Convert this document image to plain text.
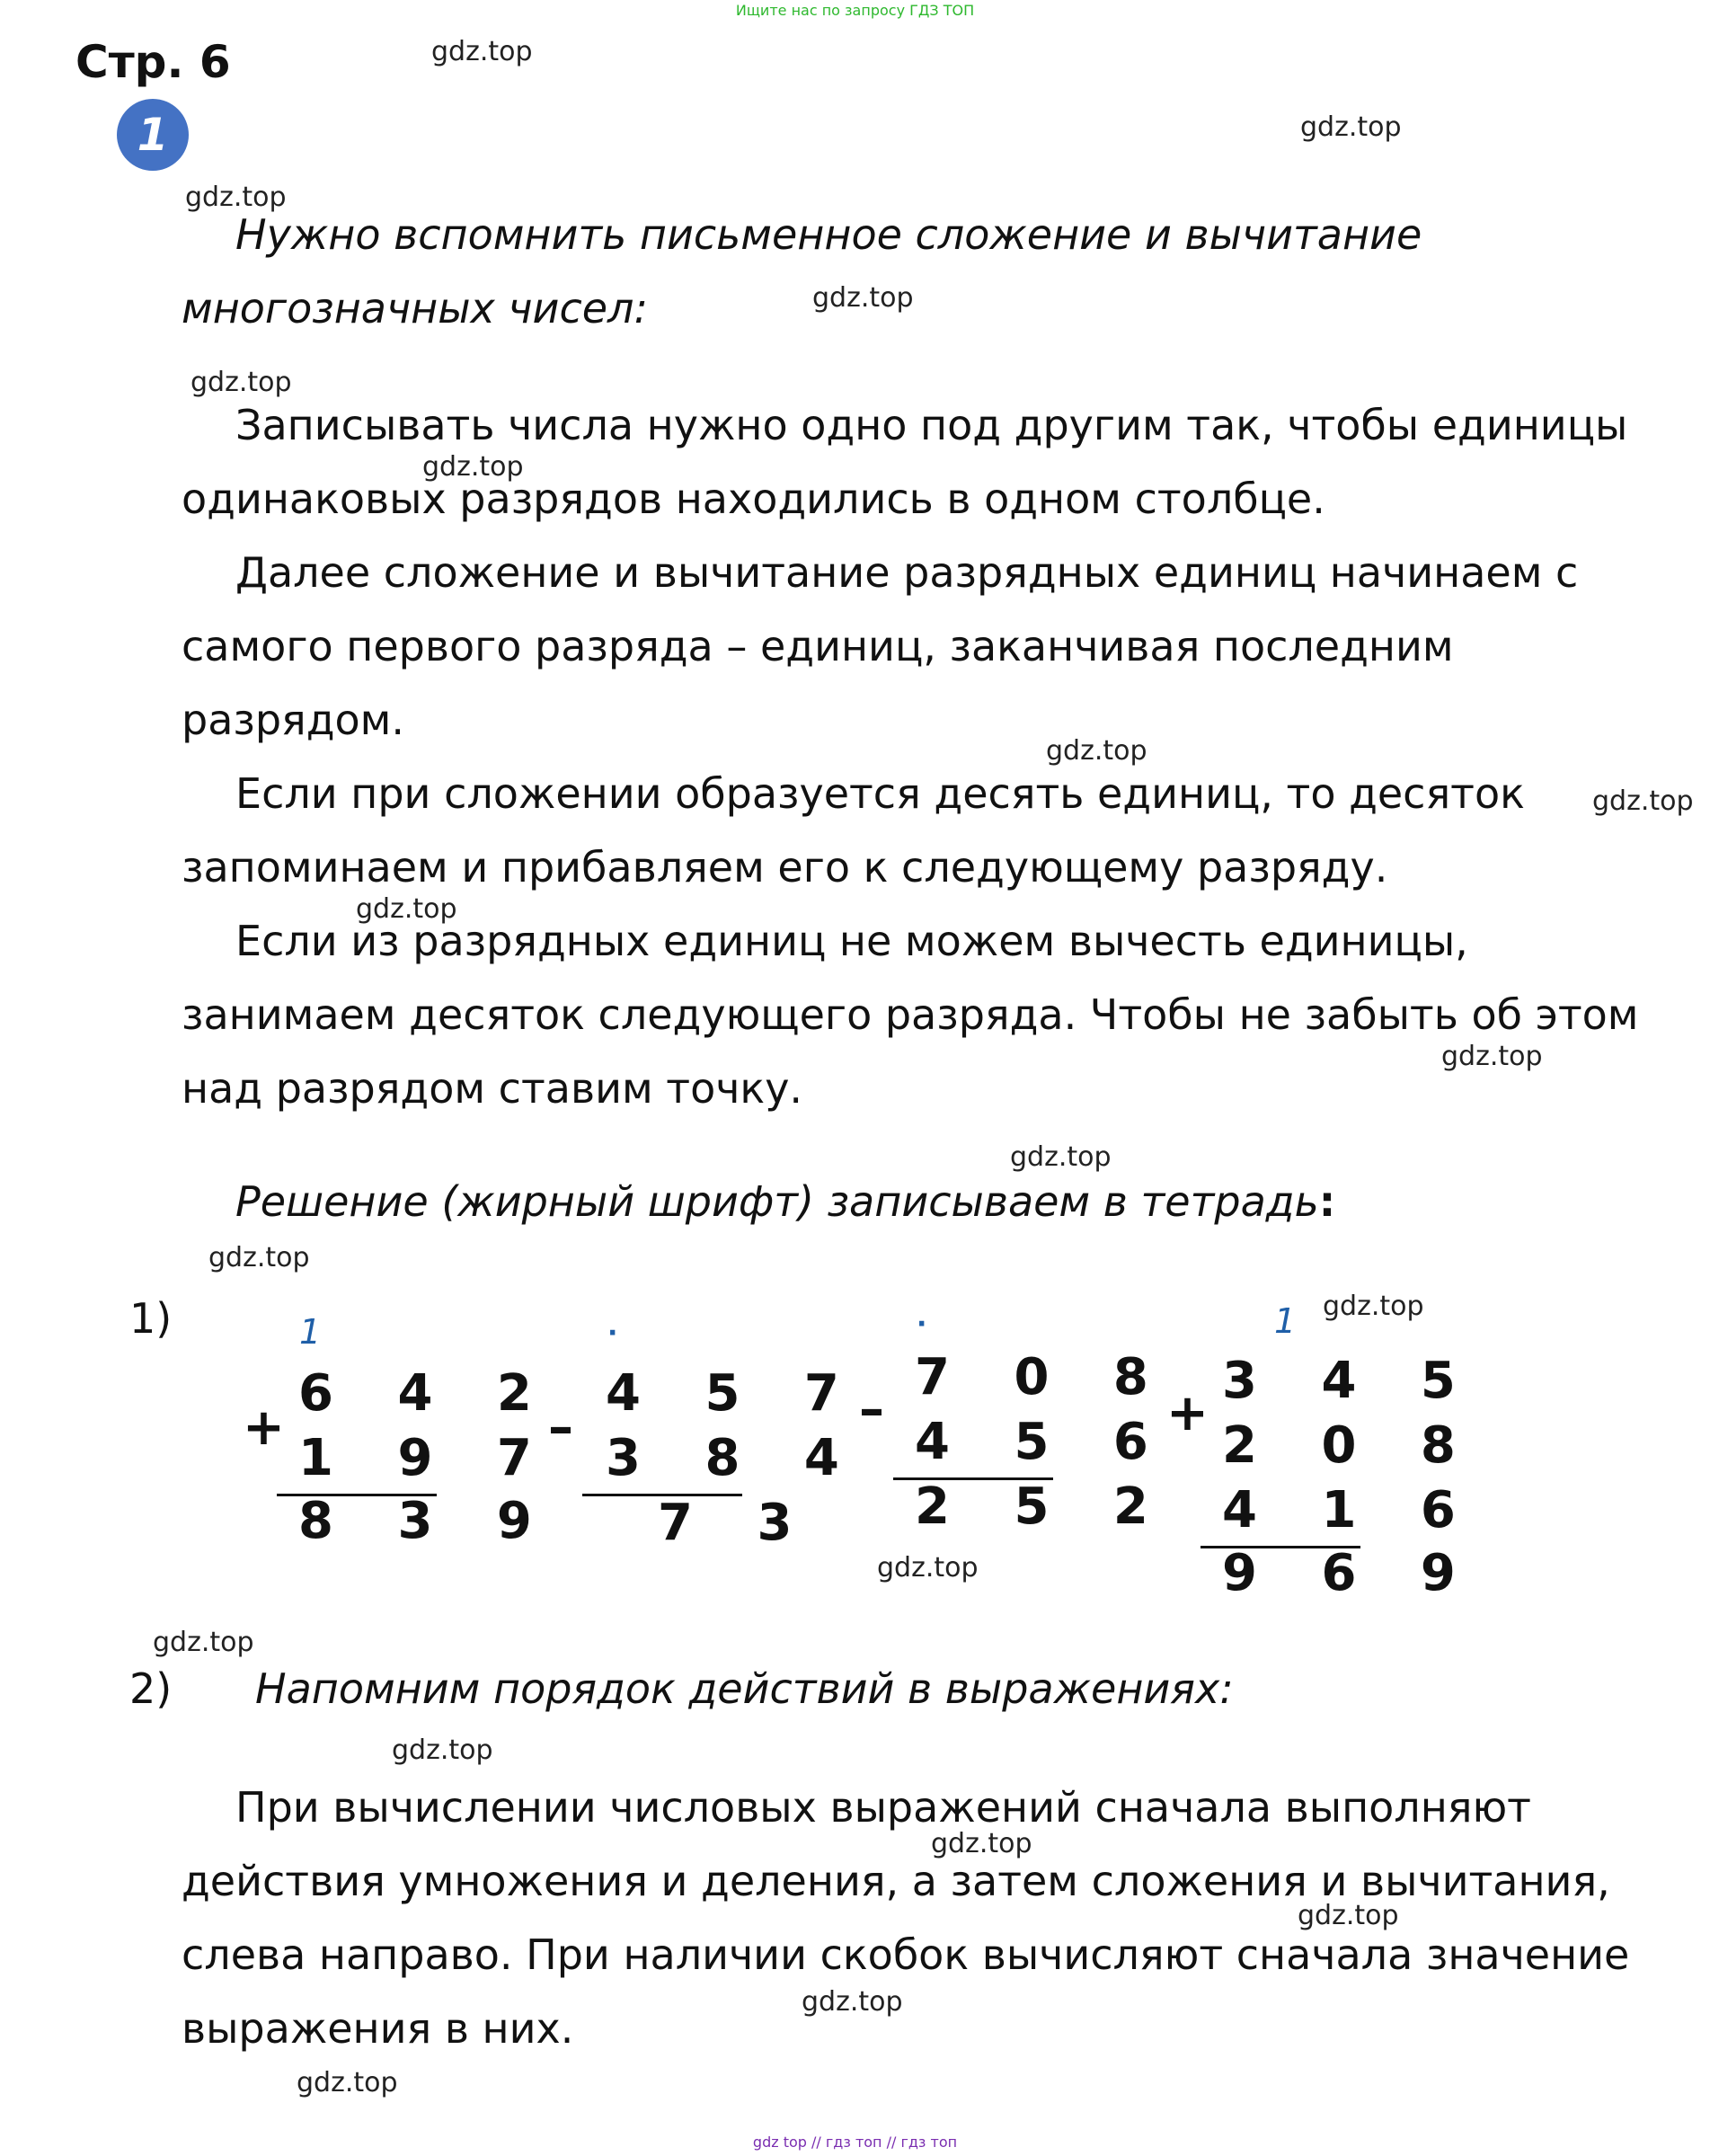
Ищите нас по запросу ГДЗ ТОП
Стр. 6
1
gdz.top
gdz.top
gdz.top
gdz.top
gdz.top
gdz.top
gdz.top
gdz.top
gdz.top
gdz.top
gdz.top
gdz.top
gdz.top
gdz.top
gdz.top
gdz.top
gdz.top
gdz.top
gdz.top
gdz.top
Нужно вспомнить письменное сложение и вычитание
многозначных чисел:
Записывать числа нужно одно под другим так, чтобы единицы
одинаковых разрядов находились в одном столбце.
Далее сложение и вычитание разрядных единиц начинаем с
самого первого разряда – единиц, заканчивая последним
разрядом.
Если при сложении образуется десять единиц, то десяток
запоминаем и прибавляем его к следующему разряду.
Если из разрядных единиц не можем вычесть единицы,
занимаем десяток следующего разряда. Чтобы не забыть об этом
над разрядом ставим точку.
Решение (жирный шрифт) записываем в тетрадь:
1)	1
+
6 4 2
1 9 7
8 3 9
·
–
4 5 7
3 8 4
7 3
·
–
7 0 8
4 5 6
2 5 2
1
+
3 4 5
2 0 8
4 1 6
9 6 9
2) Напомним порядок действий в выражениях:
При вычислении числовых выражений сначала выполняют
действия умножения и деления, а затем сложения и вычитания,
слева направо. При наличии скобок вычисляют сначала значение
выражения в них.
gdz top // гдз топ // гдз топ
